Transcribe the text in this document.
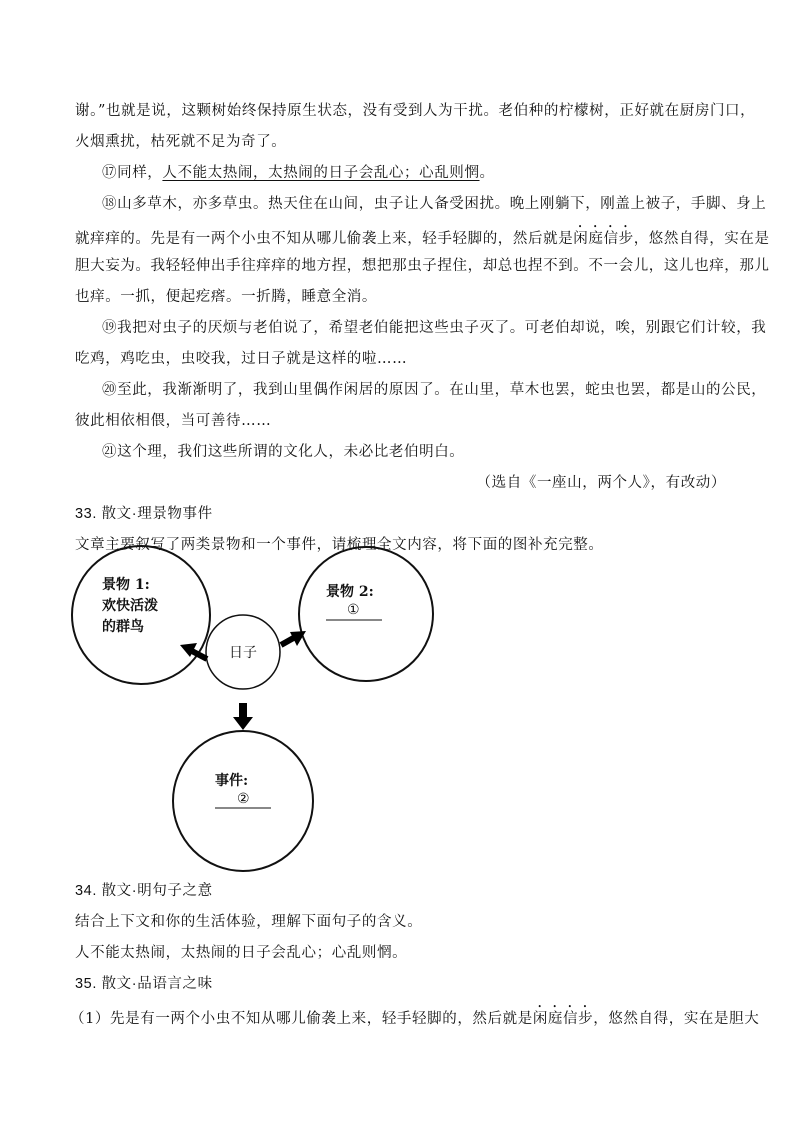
谢。”也就是说，这颗树始终保持原生状态，没有受到人为干扰。老伯种的柠檬树，正好就在厨房门口，
火烟熏扰，枯死就不足为奇了。
⑰同样，人不能太热闹，太热闹的日子会乱心；心乱则惘。
⑱山多草木，亦多草虫。热天住在山间，虫子让人备受困扰。晚上刚躺下，刚盖上被子，手脚、身上
就痒痒的。先是有一两个小虫不知从哪儿偷袭上来，轻手轻脚的，然后就是闲庭信步，悠然自得，实在是
胆大妄为。我轻轻伸出手往痒痒的地方捏，想把那虫子捏住，却总也捏不到。不一会儿，这儿也痒，那儿
也痒。一抓，便起疙瘩。一折腾，睡意全消。
⑲我把对虫子的厌烦与老伯说了，希望老伯能把这些虫子灭了。可老伯却说，唉，别跟它们计较，我
吃鸡，鸡吃虫，虫咬我，过日子就是这样的啦……
⑳至此，我渐渐明了，我到山里偶作闲居的原因了。在山里，草木也罢，蛇虫也罢，都是山的公民，
彼此相依相偎，当可善待……
㉑这个理，我们这些所谓的文化人，未必比老伯明白。
（选自《一座山，两个人》，有改动）
33. 散文·理景物事件
文章主要叙写了两类景物和一个事件，请梳理全文内容，将下面的图补充完整。
景物 1:
欢快活泼
的群鸟
景物 2:
①
日子
事件:
②
34. 散文·明句子之意
结合上下文和你的生活体验，理解下面句子的含义。
人不能太热闹，太热闹的日子会乱心；心乱则惘。
35. 散文·品语言之味
（1）先是有一两个小虫不知从哪儿偷袭上来，轻手轻脚的，然后就是闲庭信步，悠然自得，实在是胆大
